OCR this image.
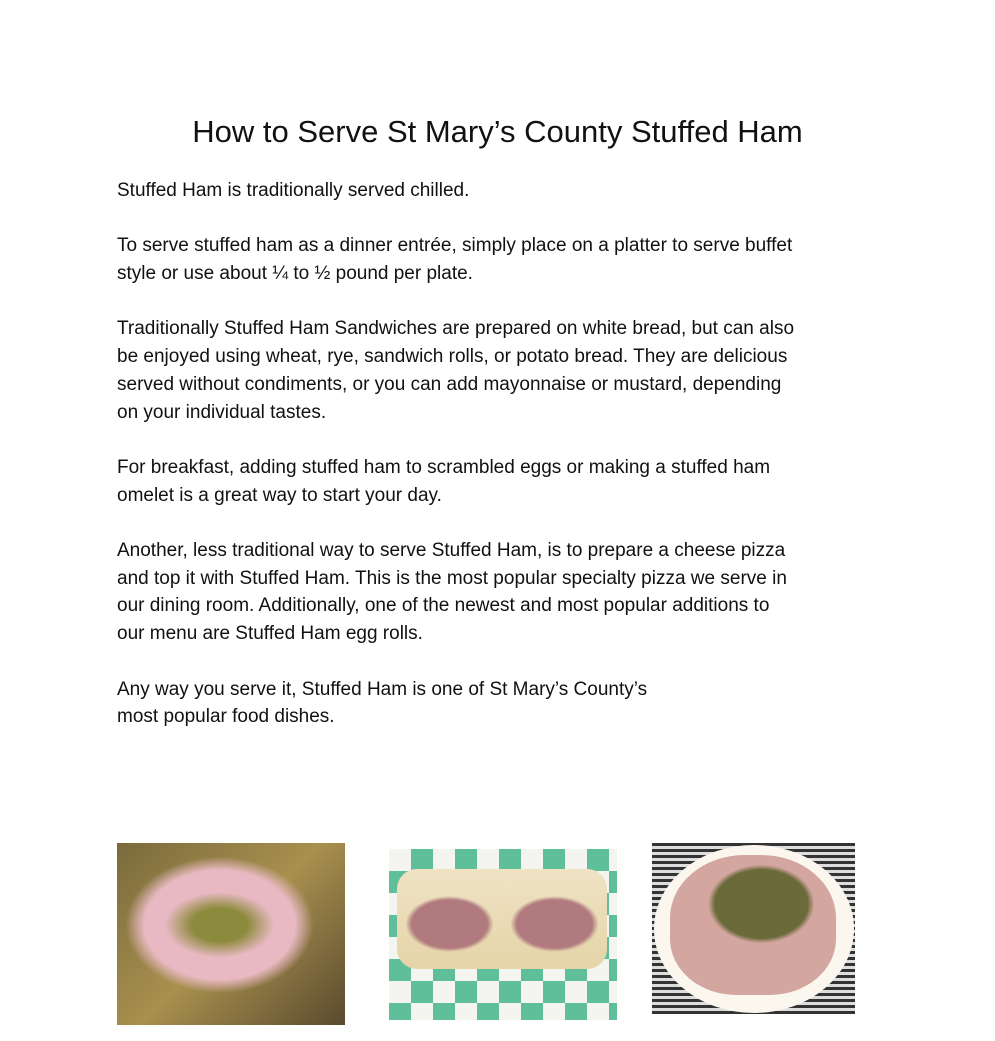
How to Serve St Mary’s County Stuffed Ham

Stuffed Ham is traditionally served chilled.

To serve stuffed ham as a dinner entrée, simply place on a platter to serve buffet
style or use about ¼ to ½ pound per plate.

Traditionally Stuffed Ham Sandwiches are prepared on white bread, but can also
be enjoyed using wheat, rye, sandwich rolls, or potato bread. They are delicious
served without condiments, or you can add mayonnaise or mustard, depending
on your individual tastes.

For breakfast, adding stuffed ham to scrambled eggs or making a stuffed ham
omelet is a great way to start your day.

Another, less traditional way to serve Stuffed Ham, is to prepare a cheese pizza
and top it with Stuffed Ham. This is the most popular specialty pizza we serve in
our dining room. Additionally, one of the newest and most popular additions to
our menu are Stuffed Ham egg rolls.

Any way you serve it, Stuffed Ham is one of St Mary’s County’s
most popular food dishes.
